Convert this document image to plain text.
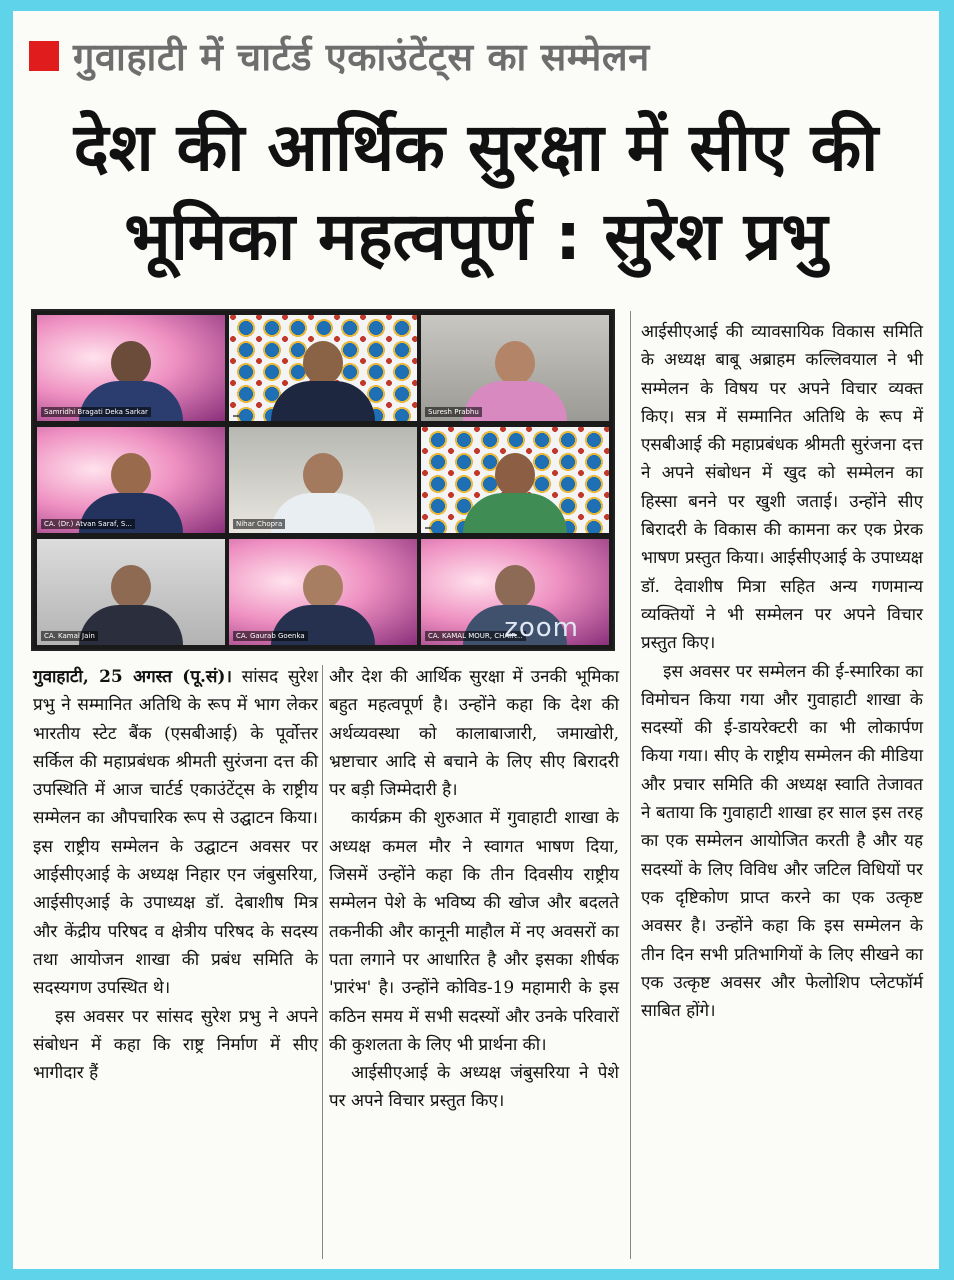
गुवाहाटी में चार्टर्ड एकाउंटेंट्स का सम्मेलन
देश की आर्थिक सुरक्षा में सीए की
भूमिका महत्वपूर्ण : सुरेश प्रभु
Samridhi Bragati Deka Sarkar	Suresh Prabhu
CA. (Dr.) Atvan Saraf, S...	Nihar Chopra
CA. Kamal Jain	CA. Gaurab Goenka	CA. KAMAL MOUR, CHAIR...
zoom

गुवाहाटी, 25 अगस्त (पू.सं)। सांसद सुरेश प्रभु ने सम्मानित अतिथि के रूप में भाग लेकर भारतीय स्टेट बैंक (एसबीआई) के पूर्वोत्तर सर्किल की महाप्रबंधक श्रीमती सुरंजना दत्त की उपस्थिति में आज चार्टर्ड एकाउंटेंट्स के राष्ट्रीय सम्मेलन का औपचारिक रूप से उद्घाटन किया। इस राष्ट्रीय सम्मेलन के उद्घाटन अवसर पर आईसीएआई के अध्यक्ष निहार एन जंबुसरिया, आईसीएआई के उपाध्यक्ष डॉ. देबाशीष मित्र और केंद्रीय परिषद व क्षेत्रीय परिषद के सदस्य तथा आयोजन शाखा की प्रबंध समिति के सदस्यगण उपस्थित थे।

इस अवसर पर सांसद सुरेश प्रभु ने अपने संबोधन में कहा कि राष्ट्र निर्माण में सीए भागीदार हैं

और देश की आर्थिक सुरक्षा में उनकी भूमिका बहुत महत्वपूर्ण है। उन्होंने कहा कि देश की अर्थव्यवस्था को कालाबाजारी, जमाखोरी, भ्रष्टाचार आदि से बचाने के लिए सीए बिरादरी पर बड़ी जिम्मेदारी है।

कार्यक्रम की शुरुआत में गुवाहाटी शाखा के अध्यक्ष कमल मौर ने स्वागत भाषण दिया, जिसमें उन्होंने कहा कि तीन दिवसीय राष्ट्रीय सम्मेलन पेशे के भविष्य की खोज और बदलते तकनीकी और कानूनी माहौल में नए अवसरों का पता लगाने पर आधारित है और इसका शीर्षक 'प्रारंभ' है। उन्होंने कोविड-19 महामारी के इस कठिन समय में सभी सदस्यों और उनके परिवारों की कुशलता के लिए भी प्रार्थना की।

आईसीएआई के अध्यक्ष जंबुसरिया ने पेशे पर अपने विचार प्रस्तुत किए।

आईसीएआई की व्यावसायिक विकास समिति के अध्यक्ष बाबू अब्राहम कल्लिवयाल ने भी सम्मेलन के विषय पर अपने विचार व्यक्त किए। सत्र में सम्मानित अतिथि के रूप में एसबीआई की महाप्रबंधक श्रीमती सुरंजना दत्त ने अपने संबोधन में खुद को सम्मेलन का हिस्सा बनने पर खुशी जताई। उन्होंने सीए बिरादरी के विकास की कामना कर एक प्रेरक भाषण प्रस्तुत किया। आईसीएआई के उपाध्यक्ष डॉ. देवाशीष मित्रा सहित अन्य गणमान्य व्यक्तियों ने भी सम्मेलन पर अपने विचार प्रस्तुत किए।

इस अवसर पर सम्मेलन की ई-स्मारिका का विमोचन किया गया और गुवाहाटी शाखा के सदस्यों की ई-डायरेक्टरी का भी लोकार्पण किया गया। सीए के राष्ट्रीय सम्मेलन की मीडिया और प्रचार समिति की अध्यक्ष स्वाति तेजावत ने बताया कि गुवाहाटी शाखा हर साल इस तरह का एक सम्मेलन आयोजित करती है और यह सदस्यों के लिए विविध और जटिल विधियों पर एक दृष्टिकोण प्राप्त करने का एक उत्कृष्ट अवसर है। उन्होंने कहा कि इस सम्मेलन के तीन दिन सभी प्रतिभागियों के लिए सीखने का एक उत्कृष्ट अवसर और फेलोशिप प्लेटफॉर्म साबित होंगे।
